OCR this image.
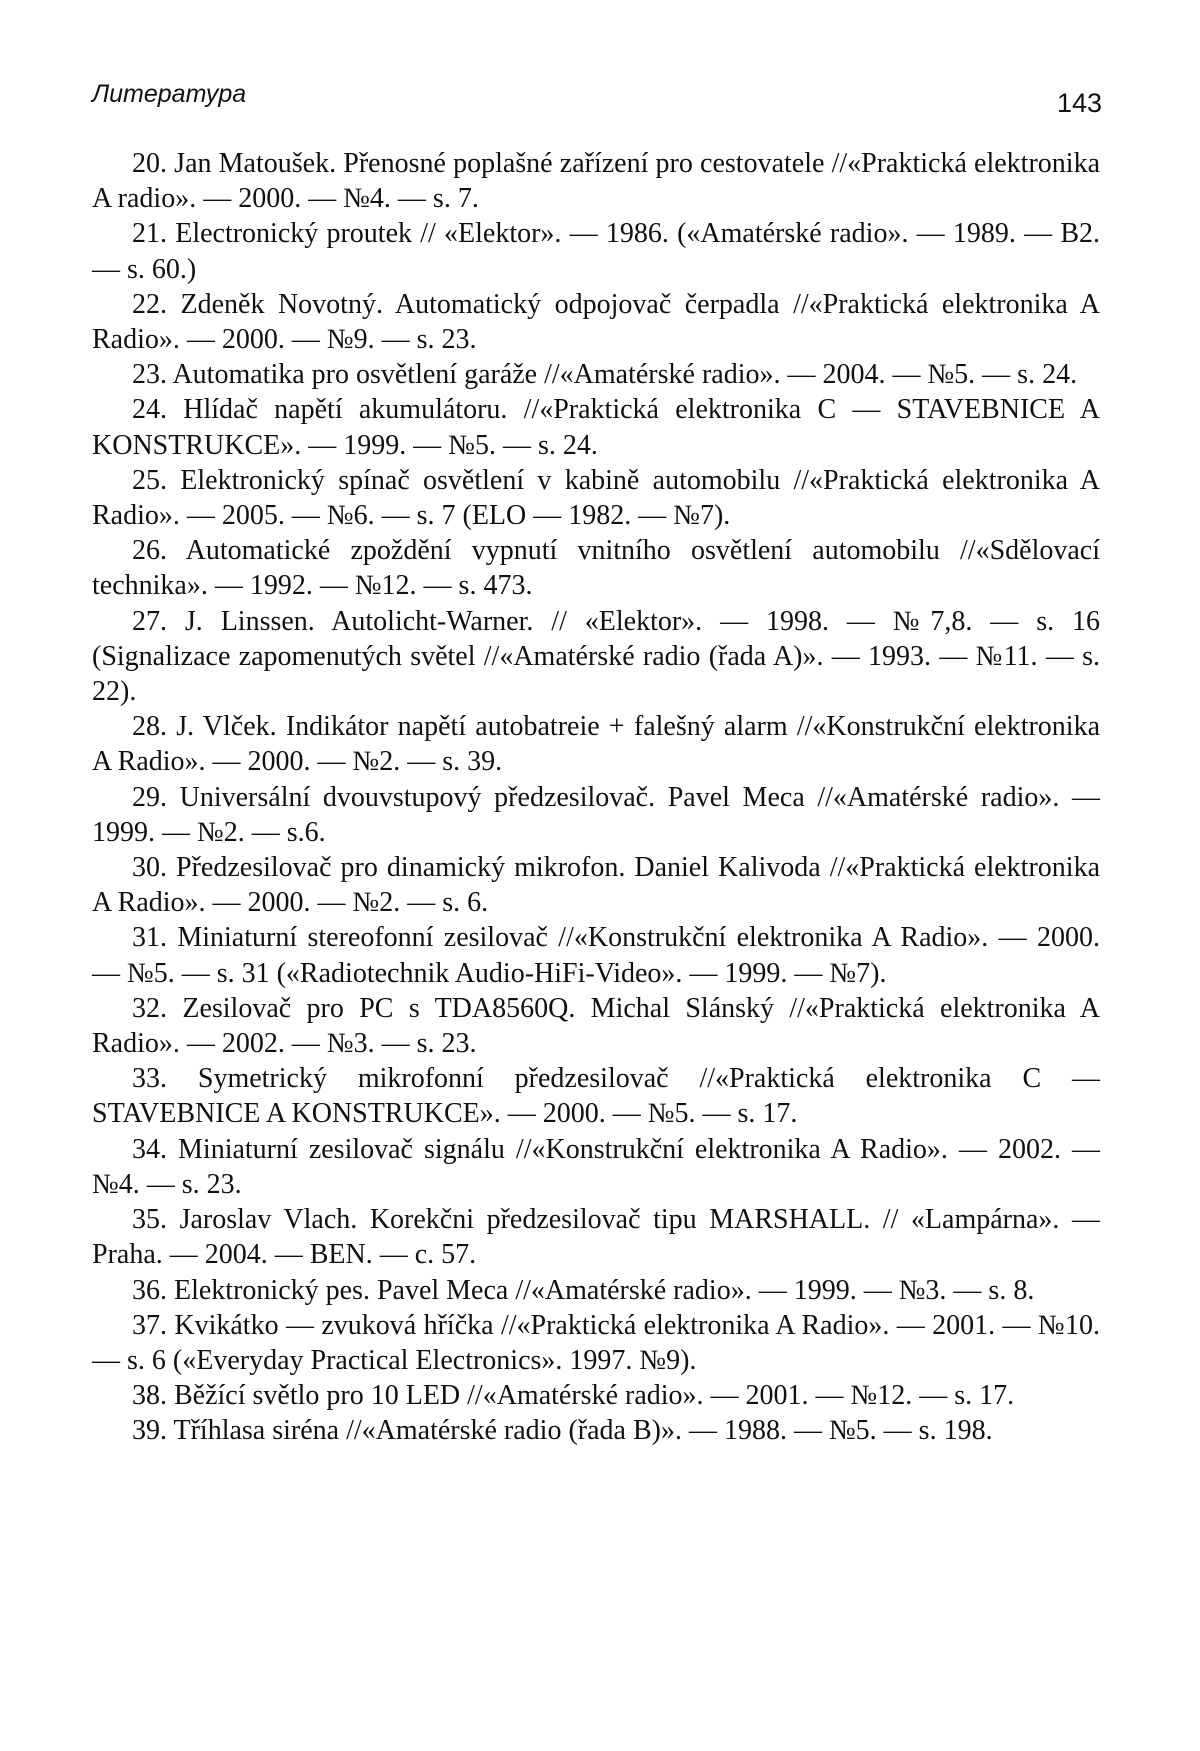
Литература	143
20. Jan Matoušek. Přenosné poplašné zařízení pro cestovatele //«Praktická elektronika A radio». — 2000. — №4. — s. 7.
21. Electronický proutek // «Elektor». — 1986. («Amatérské radio». — 1989. — B2. — s. 60.)
22. Zdeněk Novotný. Automatický odpojovač čerpadla //«Praktická elektronika A Radio». — 2000. — №9. — s. 23.
23. Automatika pro osvětlení garáže //«Amatérské radio». — 2004. — №5. — s. 24.
24. Hlídač napětí akumulátoru. //«Praktická elektronika C — STAVEBNICE A KONSTRUKCE». — 1999. — №5. — s. 24.
25. Elektronický spínač osvětlení v kabině automobilu //«Praktická elektronika A Radio». — 2005. — №6. — s. 7 (ELO — 1982. — №7).
26. Automatické zpoždění vypnutí vnitního osvětlení automobilu //«Sdělovací technika». — 1992. — №12. — s. 473.
27. J. Linssen. Autolicht-Warner. // «Elektor». — 1998. — №7,8. — s. 16 (Signalizace zapomenutých světel //«Amatérské radio (řada A)». — 1993. — №11. — s. 22).
28. J. Vlček. Indikátor napětí autobatreie + falešný alarm //«Konstrukční elektronika A Radio». — 2000. — №2. — s. 39.
29. Universální dvouvstupový předzesilovač. Pavel Meca //«Amatérské radio». — 1999. — №2. — s.6.
30. Předzesilovač pro dinamický mikrofon. Daniel Kalivoda //«Praktická elektronika A Radio». — 2000. — №2. — s. 6.
31. Miniaturní stereofonní zesilovač //«Konstrukční elektronika A Radio». — 2000. — №5. — s. 31 («Radiotechnik Audio-HiFi-Video». — 1999. — №7).
32. Zesilovač pro PC s TDA8560Q. Michal Slánský //«Praktická elektronika A Radio». — 2002. — №3. — s. 23.
33. Symetrický mikrofonní předzesilovač //«Praktická elektronika C — STAVEBNICE A KONSTRUKCE». — 2000. — №5. — s. 17.
34. Miniaturní zesilovač signálu //«Konstrukční elektronika A Radio». — 2002. — №4. — s. 23.
35. Jaroslav Vlach. Korekčni předzesilovač tipu MARSHALL. // «Lampárna». — Praha. — 2004. — BEN. — c. 57.
36. Elektronický pes. Pavel Meca //«Amatérské radio». — 1999. — №3. — s. 8.
37. Kvikátko — zvuková hříčka //«Praktická elektronika A Radio». — 2001. — №10. — s. 6 («Everyday Practical Electronics». 1997. №9).
38. Běžící světlo pro 10 LED //«Amatérské radio». — 2001. — №12. — s. 17.
39. Tříhlasa siréna //«Amatérské radio (řada B)». — 1988. — №5. — s. 198.
